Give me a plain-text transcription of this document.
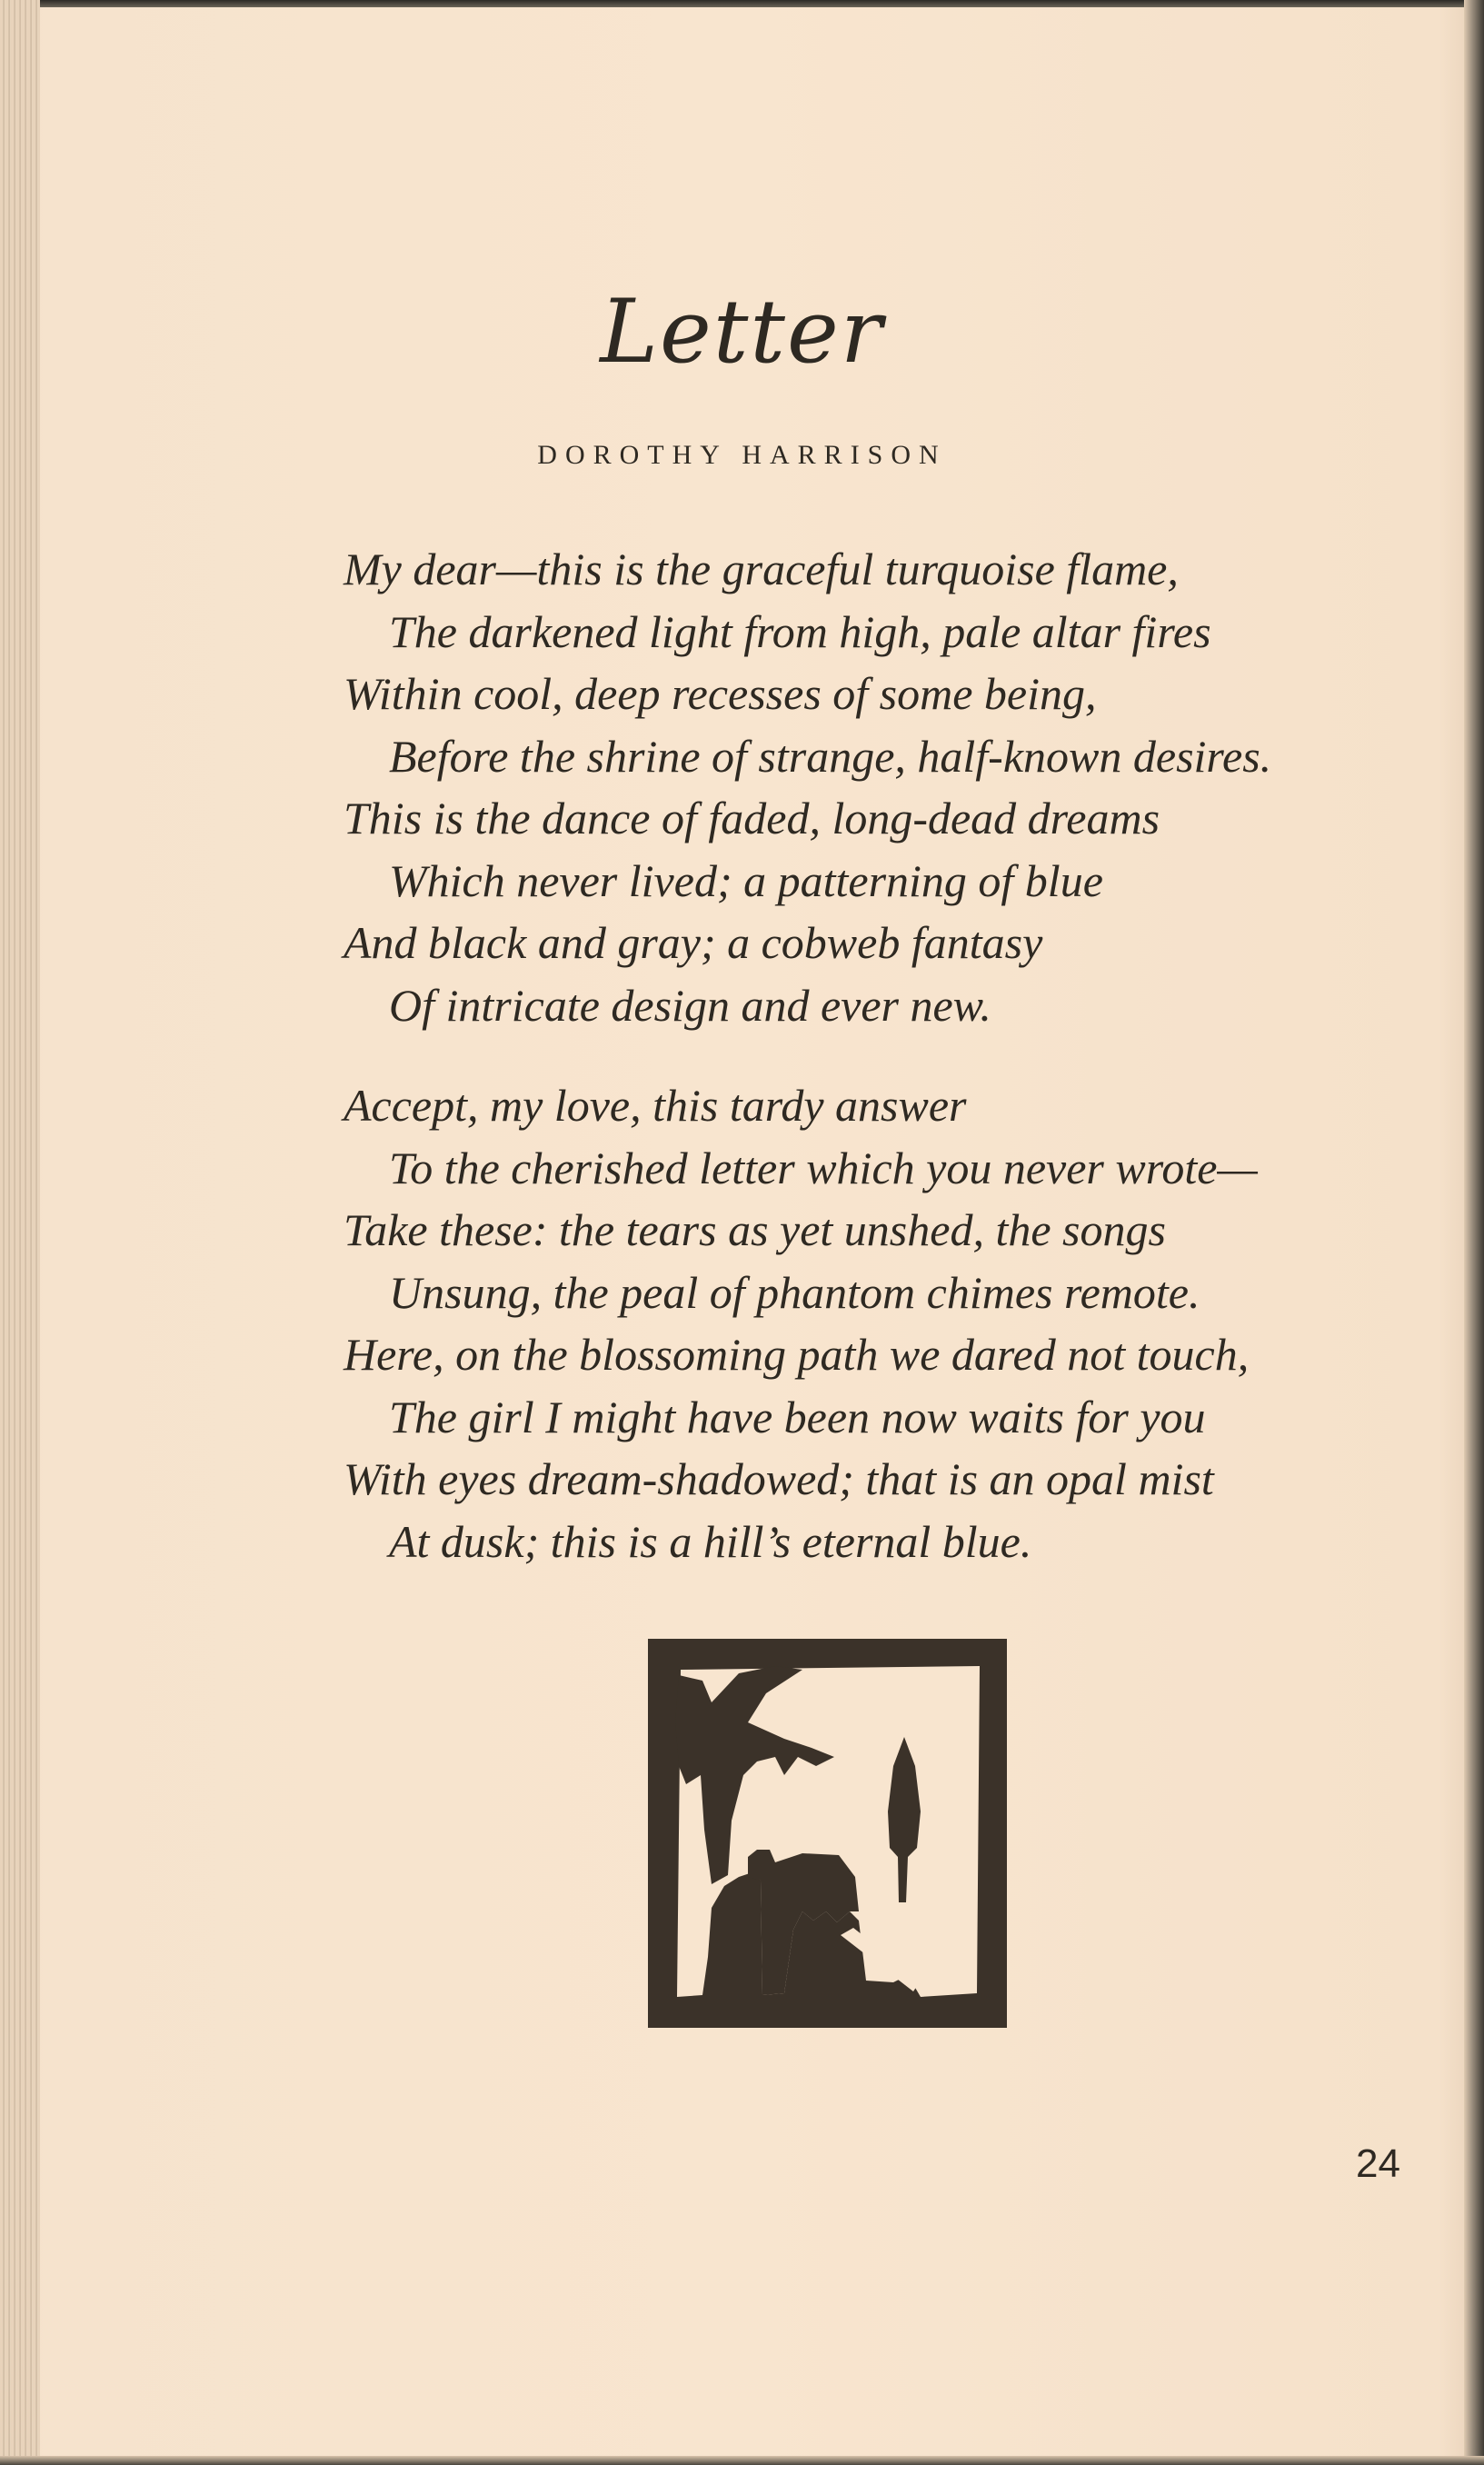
Letter
DOROTHY HARRISON
My dear—this is the graceful turquoise flame,
The darkened light from high, pale altar fires
Within cool, deep recesses of some being,
Before the shrine of strange, half-known desires.
This is the dance of faded, long-dead dreams
Which never lived; a patterning of blue
And black and gray; a cobweb fantasy
Of intricate design and ever new.
Accept, my love, this tardy answer
To the cherished letter which you never wrote—
Take these: the tears as yet unshed, the songs
Unsung, the peal of phantom chimes remote.
Here, on the blossoming path we dared not touch,
The girl I might have been now waits for you
With eyes dream-shadowed; that is an opal mist
At dusk; this is a hill’s eternal blue.
24
